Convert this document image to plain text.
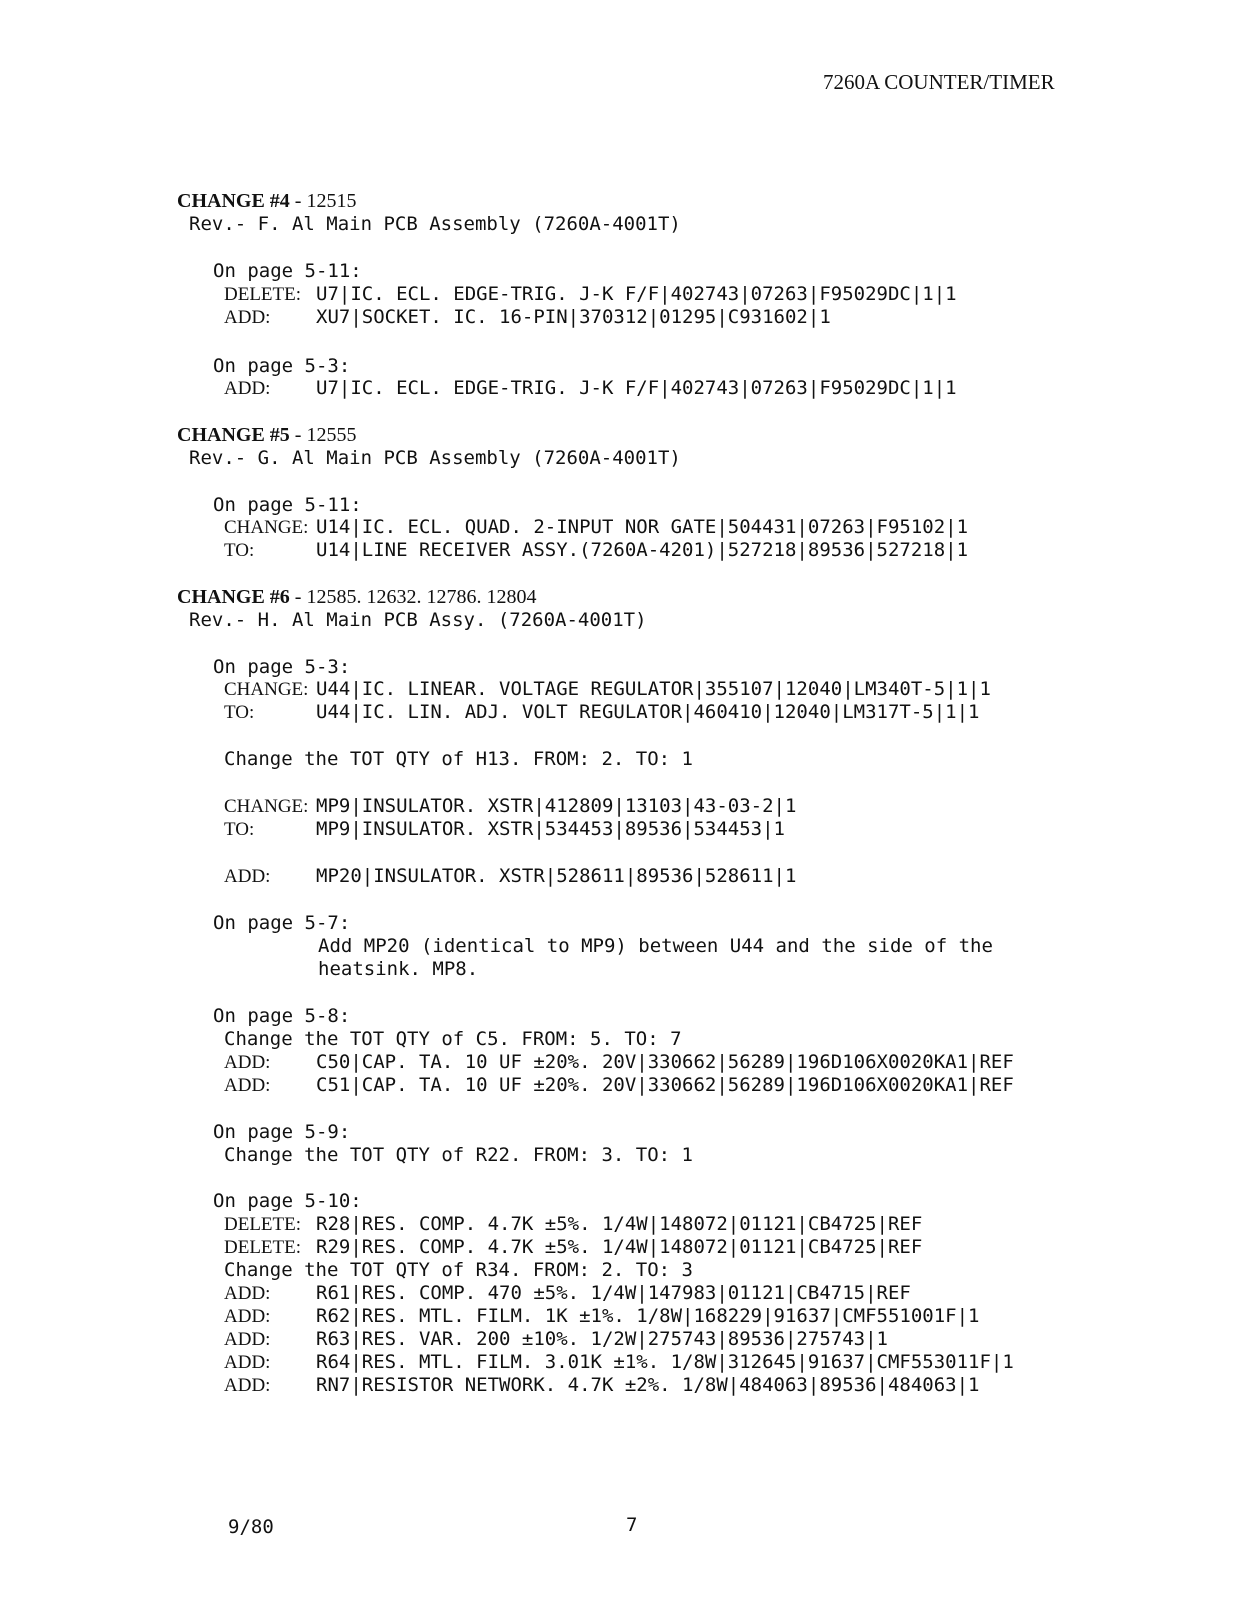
7260A COUNTER/TIMER
CHANGE #4 - 12515
Rev.- F. Al Main PCB Assembly (7260A-4001T)
On page 5-11:
DELETE: U7|IC. ECL. EDGE-TRIG. J-K F/F|402743|07263|F95029DC|1|1
ADD: XU7|SOCKET. IC. 16-PIN|370312|01295|C931602|1
On page 5-3:
ADD: U7|IC. ECL. EDGE-TRIG. J-K F/F|402743|07263|F95029DC|1|1
CHANGE #5 - 12555
Rev.- G. Al Main PCB Assembly (7260A-4001T)
On page 5-11:
CHANGE: U14|IC. ECL. QUAD. 2-INPUT NOR GATE|504431|07263|F95102|1
TO:	U14|LINE RECEIVER ASSY.(7260A-4201)|527218|89536|527218|1
CHANGE #6 - 12585. 12632. 12786. 12804
Rev.- H. Al Main PCB Assy. (7260A-4001T)
On page 5-3:
CHANGE: U44|IC. LINEAR. VOLTAGE REGULATOR|355107|12040|LM340T-5|1|1
TO:	U44|IC. LIN. ADJ. VOLT REGULATOR|460410|12040|LM317T-5|1|1
Change the TOT QTY of H13. FROM: 2. TO: 1
CHANGE: MP9|INSULATOR. XSTR|412809|13103|43-03-2|1
TO:	MP9|INSULATOR. XSTR|534453|89536|534453|1
ADD: MP20|INSULATOR. XSTR|528611|89536|528611|1
On page 5-7:
Add MP20 (identical to MP9) between U44 and the side of the
heatsink. MP8.
On page 5-8:
Change the TOT QTY of C5. FROM: 5. TO: 7
ADD: C50|CAP. TA. 10 UF ±20%. 20V|330662|56289|196D106X0020KA1|REF
ADD: C51|CAP. TA. 10 UF ±20%. 20V|330662|56289|196D106X0020KA1|REF
On page 5-9:
Change the TOT QTY of R22. FROM: 3. TO: 1
On page 5-10:
DELETE: R28|RES. COMP. 4.7K ±5%. 1/4W|148072|01121|CB4725|REF
DELETE: R29|RES. COMP. 4.7K ±5%. 1/4W|148072|01121|CB4725|REF
Change the TOT QTY of R34. FROM: 2. TO: 3
ADD: R61|RES. COMP. 470 ±5%. 1/4W|147983|01121|CB4715|REF
ADD: R62|RES. MTL. FILM. 1K ±1%. 1/8W|168229|91637|CMF551001F|1
ADD: R63|RES. VAR. 200 ±10%. 1/2W|275743|89536|275743|1
ADD: R64|RES. MTL. FILM. 3.01K ±1%. 1/8W|312645|91637|CMF553011F|1
ADD: RN7|RESISTOR NETWORK. 4.7K ±2%. 1/8W|484063|89536|484063|1
9/80	7
